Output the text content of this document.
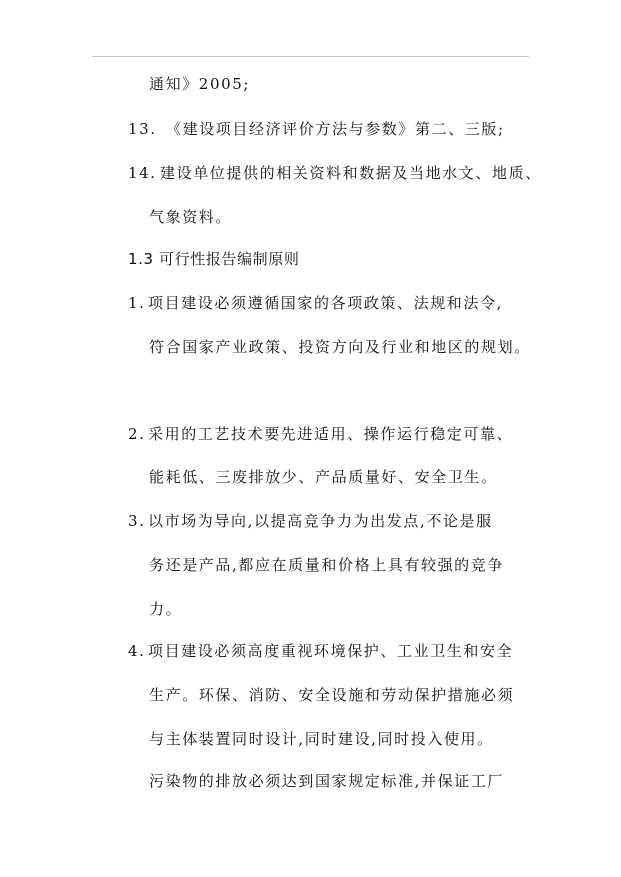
通知》2005;
13. 《建设项目经济评价方法与参数》第二、三版;
14. 建设单位提供的相关资料和数据及当地水文、地质、
气象资料。
1.3 可行性报告编制原则
1. 项目建设必须遵循国家的各项政策、法规和法令,
符合国家产业政策、投资方向及行业和地区的规划。
2. 采用的工艺技术要先进适用、操作运行稳定可靠、
能耗低、三废排放少、产品质量好、安全卫生。
3. 以市场为导向,以提高竞争力为出发点,不论是服
务还是产品,都应在质量和价格上具有较强的竞争
力。
4. 项目建设必须高度重视环境保护、工业卫生和安全
生产。环保、消防、安全设施和劳动保护措施必须
与主体装置同时设计,同时建设,同时投入使用。
污染物的排放必须达到国家规定标准,并保证工厂
